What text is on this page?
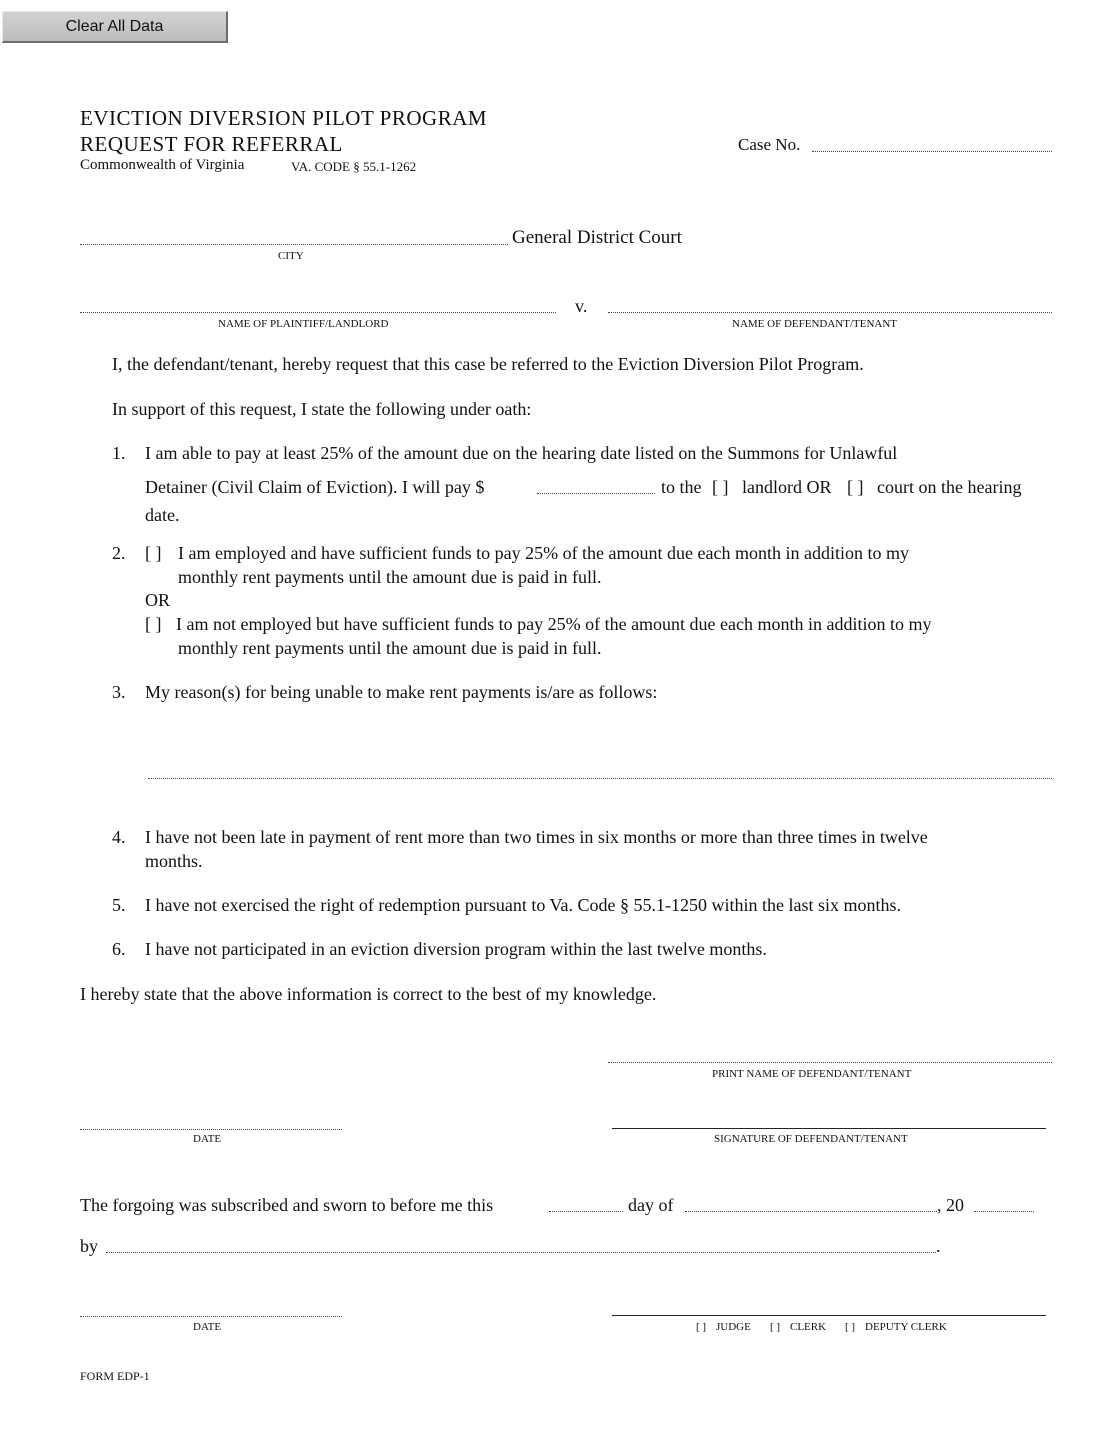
Clear All Data
EVICTION DIVERSION PILOT PROGRAM
REQUEST FOR REFERRAL
Commonwealth of Virginia	VA. CODE § 55.1-1262
Case No.
General District Court
CITY
v.
NAME OF PLAINTIFF/LANDLORD	NAME OF DEFENDANT/TENANT
I, the defendant/tenant, hereby request that this case be referred to the Eviction Diversion Pilot Program.
In support of this request, I state the following under oath:
1. I am able to pay at least 25% of the amount due on the hearing date listed on the Summons for Unlawful
Detainer (Civil Claim of Eviction). I will pay $	to the [ ] landlord OR [ ] court on the hearing
date.
2. [ ] I am employed and have sufficient funds to pay 25% of the amount due each month in addition to my
monthly rent payments until the amount due is paid in full.
OR
[ ] I am not employed but have sufficient funds to pay 25% of the amount due each month in addition to my
monthly rent payments until the amount due is paid in full.
3. My reason(s) for being unable to make rent payments is/are as follows:
4. I have not been late in payment of rent more than two times in six months or more than three times in twelve
months.
5. I have not exercised the right of redemption pursuant to Va. Code § 55.1-1250 within the last six months.
6. I have not participated in an eviction diversion program within the last twelve months.
I hereby state that the above information is correct to the best of my knowledge.
PRINT NAME OF DEFENDANT/TENANT
DATE	SIGNATURE OF DEFENDANT/TENANT
The forgoing was subscribed and sworn to before me this	day of	, 20
by	.
DATE	[ ] JUDGE [ ] CLERK [ ] DEPUTY CLERK
FORM EDP-1
